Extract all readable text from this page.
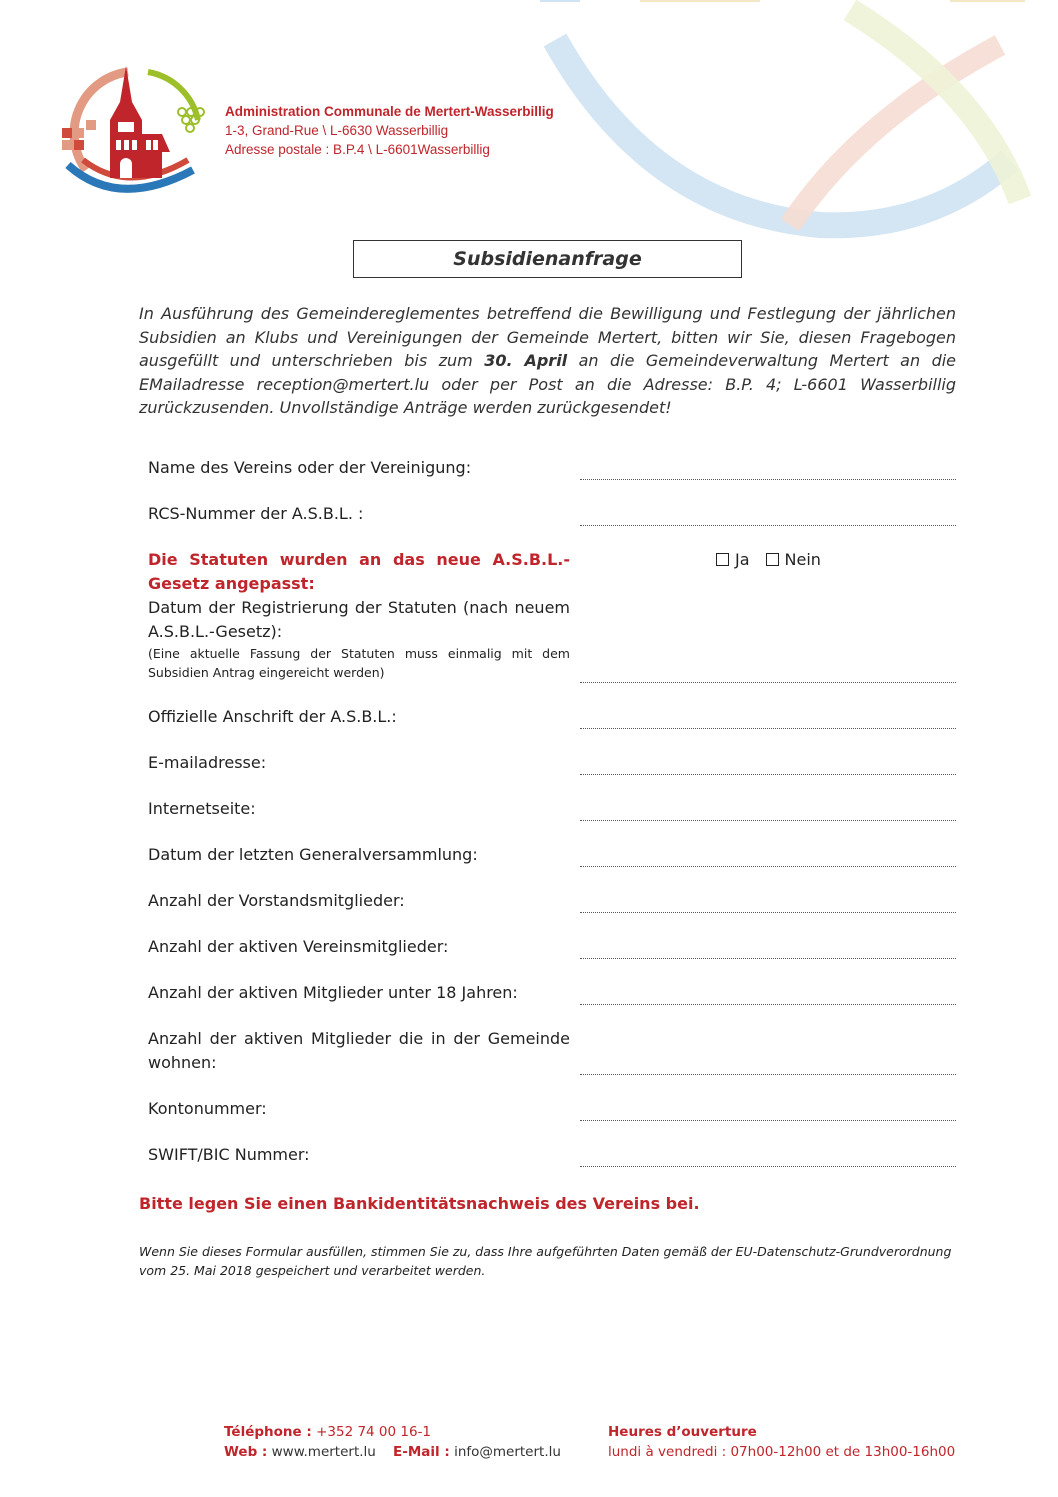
Administration Communale de Mertert-Wasserbillig
1-3, Grand-Rue \ L-6630 Wasserbillig
Adresse postale : B.P.4 \ L-6601Wasserbillig
Subsidienanfrage
In Ausführung des Gemeindereglementes betreffend die Bewilligung und Festlegung der jährlichen Subsidien an Klubs und Vereinigungen der Gemeinde Mertert, bitten wir Sie, diesen Fragebogen ausgefüllt und unterschrieben bis zum 30. April an die Gemeindeverwaltung Mertert an die EMailadresse reception@mertert.lu oder per Post an die Adresse: B.P. 4; L-6601 Wasserbillig zurückzusenden. Unvollständige Anträge werden zurückgesendet!
Name des Vereins oder der Vereinigung:
RCS-Nummer der A.S.B.L. :
Die Statuten wurden an das neue A.S.B.L.-Gesetz angepasst:
Datum der Registrierung der Statuten (nach neuem A.S.B.L.-Gesetz):
(Eine aktuelle Fassung der Statuten muss einmalig mit dem Subsidien Antrag eingereicht werden)
Ja Nein
Offizielle Anschrift der A.S.B.L.:
E-mailadresse:
Internetseite:
Datum der letzten Generalversammlung:
Anzahl der Vorstandsmitglieder:
Anzahl der aktiven Vereinsmitglieder:
Anzahl der aktiven Mitglieder unter 18 Jahren:
Anzahl der aktiven Mitglieder die in der Gemeinde wohnen:
Kontonummer:
SWIFT/BIC Nummer:
Bitte legen Sie einen Bankidentitätsnachweis des Vereins bei.
Wenn Sie dieses Formular ausfüllen, stimmen Sie zu, dass Ihre aufgeführten Daten gemäß der EU-Datenschutz-Grundverordnung vom 25. Mai 2018 gespeichert und verarbeitet werden.
Téléphone : +352 74 00 16-1
Web : www.mertert.lu E-Mail : info@mertert.lu
Heures d’ouverture
lundi à vendredi : 07h00-12h00 et de 13h00-16h00
